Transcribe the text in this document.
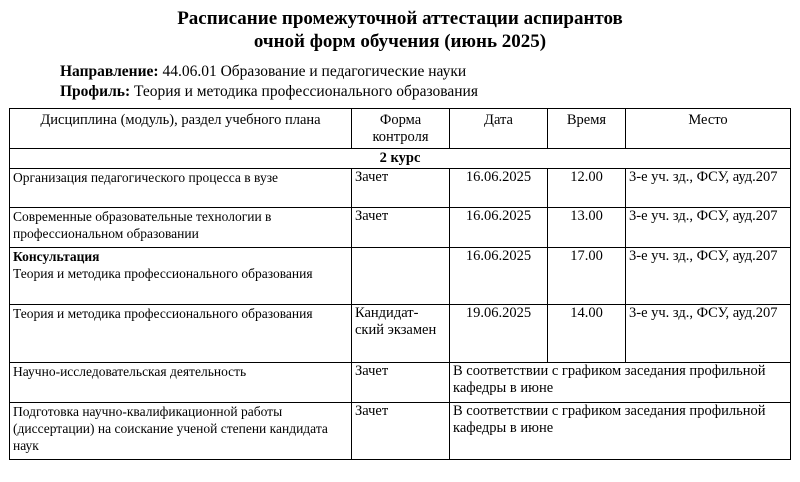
Расписание промежуточной аттестации аспирантов
очной форм обучения (июнь 2025)
Направление: 44.06.01 Образование и педагогические науки
Профиль: Теория и методика профессионального образования
Дисциплина (модуль), раздел учебного плана	Форма контроля	Дата	Время	Место
2 курс				
Организация педагогического процесса в вузе	Зачет	16.06.2025	12.00	3-е уч. зд., ФСУ, ауд.207
Современные образовательные технологии в профессиональном образовании	Зачет	16.06.2025	13.00	3-е уч. зд., ФСУ, ауд.207

Консультация
Теория и методика профессионального образования		16.06.2025	17.00	3-е уч. зд., ФСУ, ауд.207
Теория и методика профессионального образования	Кандидат-ский экзамен	19.06.2025	14.00	3-е уч. зд., ФСУ, ауд.207
Научно-исследовательская деятельность	Зачет	В соответствии с графиком заседания профильной кафедры в июне		
Подготовка научно-квалификационной работы (диссертации) на соискание ученой степени кандидата наук	Зачет	В соответствии с графиком заседания профильной кафедры в июне		
